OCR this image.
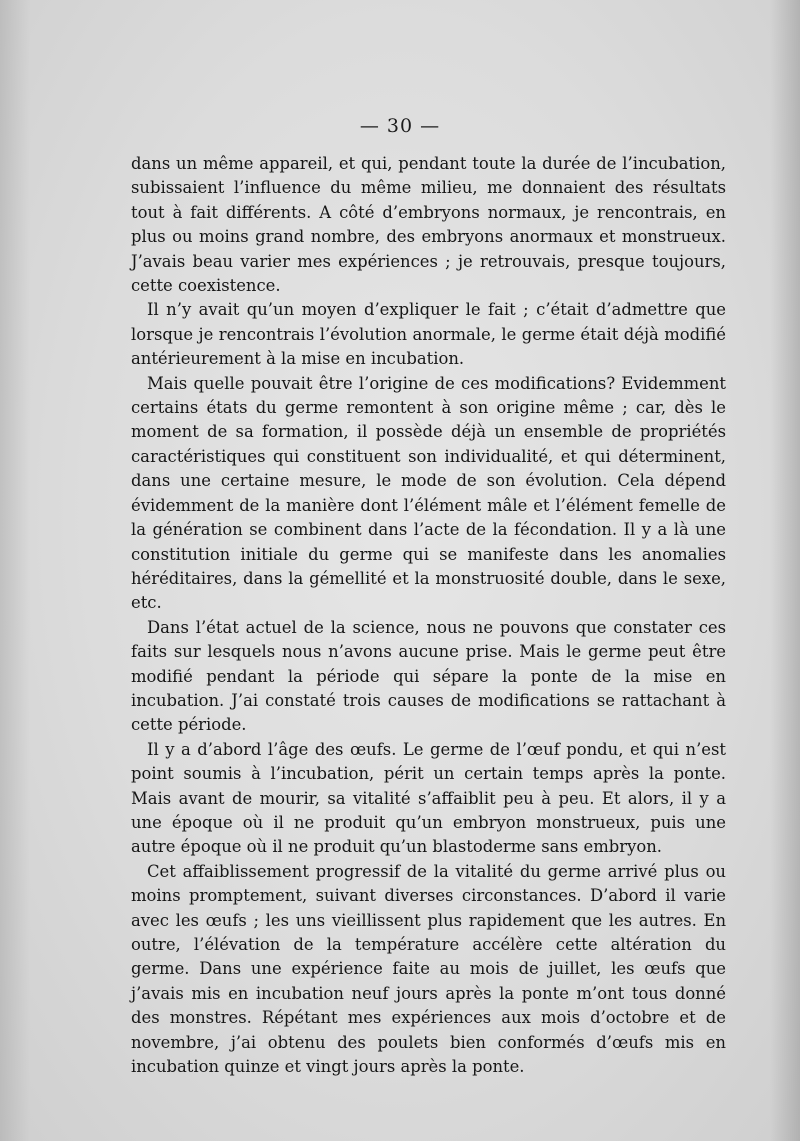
— 30 —

dans un même appareil, et qui, pendant toute la durée de l’incubation, subissaient l’influence du même milieu, me donnaient des résultats tout à fait différents. A côté d’embryons normaux, je rencontrais, en plus ou moins grand nombre, des embryons anormaux et monstrueux. J’avais beau varier mes expériences ; je retrouvais, presque toujours, cette coexistence.

Il n’y avait qu’un moyen d’expliquer le fait ; c’était d’admettre que lorsque je rencontrais l’évolution anormale, le germe était déjà modifié antérieurement à la mise en incubation.

Mais quelle pouvait être l’origine de ces modifications? Evidemment certains états du germe remontent à son origine même ; car, dès le moment de sa formation, il possède déjà un ensemble de propriétés caractéristiques qui constituent son individualité, et qui déterminent, dans une certaine mesure, le mode de son évolution. Cela dépend évidemment de la manière dont l’élément mâle et l’élément femelle de la génération se combinent dans l’acte de la fécondation. Il y a là une constitution initiale du germe qui se manifeste dans les anomalies héréditaires, dans la gémellité et la monstruosité double, dans le sexe, etc.

Dans l’état actuel de la science, nous ne pouvons que constater ces faits sur lesquels nous n’avons aucune prise. Mais le germe peut être modifié pendant la période qui sépare la ponte de la mise en incubation. J’ai constaté trois causes de modifications se rattachant à cette période.

Il y a d’abord l’âge des œufs. Le germe de l’œuf pondu, et qui n’est point soumis à l’incubation, périt un certain temps après la ponte. Mais avant de mourir, sa vitalité s’affaiblit peu à peu. Et alors, il y a une époque où il ne produit qu’un embryon monstrueux, puis une autre époque où il ne produit qu’un blastoderme sans embryon.

Cet affaiblissement progressif de la vitalité du germe arrivé plus ou moins promptement, suivant diverses circonstances. D’abord il varie avec les œufs ; les uns vieillissent plus rapidement que les autres. En outre, l’élévation de la température accélère cette altération du germe. Dans une expérience faite au mois de juillet, les œufs que j’avais mis en incubation neuf jours après la ponte m’ont tous donné des monstres. Répétant mes expériences aux mois d’octobre et de novembre, j’ai obtenu des poulets bien conformés d’œufs mis en incubation quinze et vingt jours après la ponte.
